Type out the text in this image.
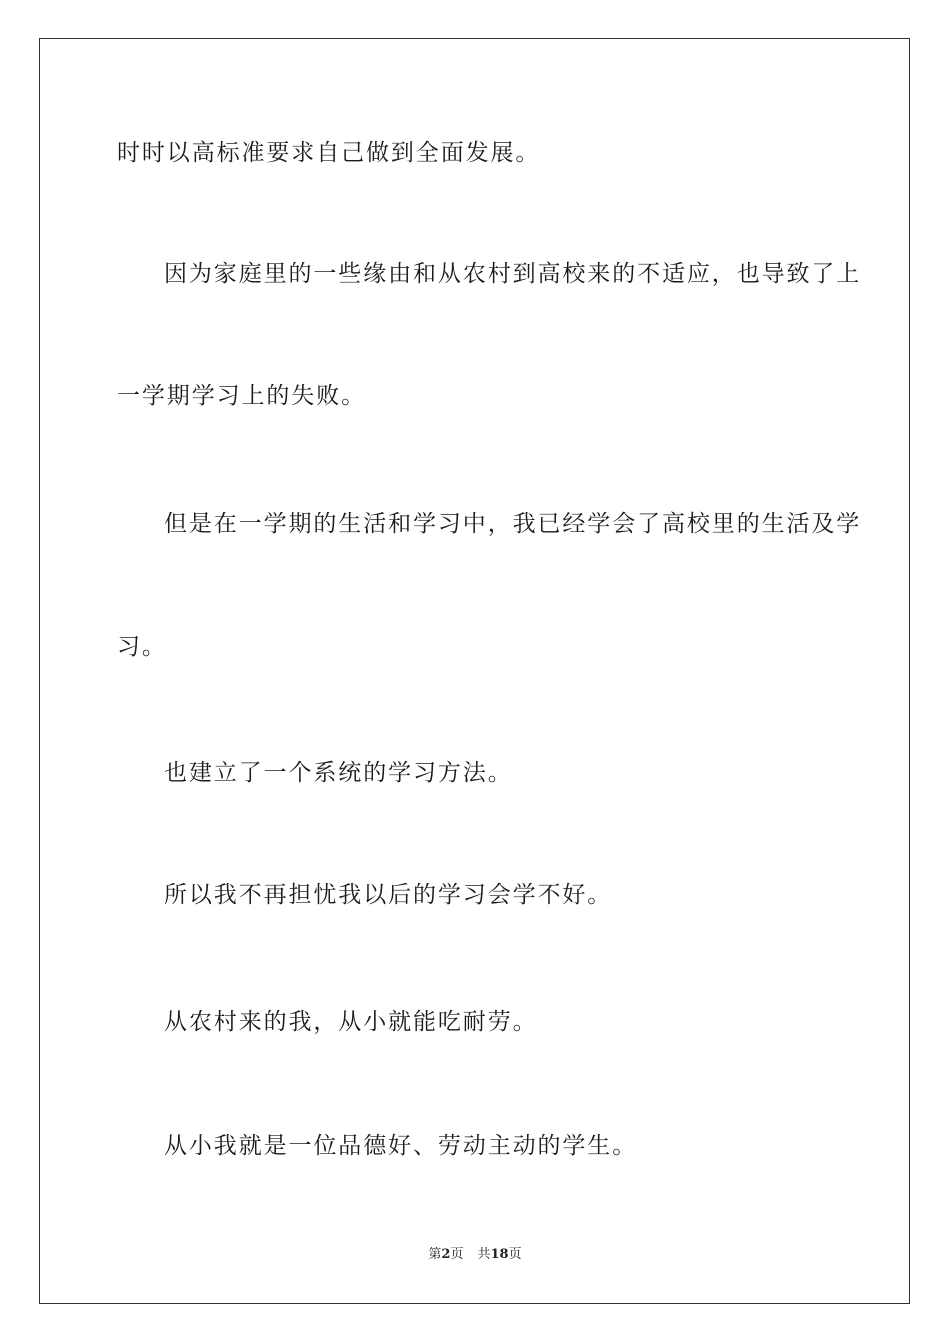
时时以高标准要求自己做到全面发展。
因为家庭里的一些缘由和从农村到高校来的不适应，也导致了上
一学期学习上的失败。
但是在一学期的生活和学习中，我已经学会了高校里的生活及学
习。
也建立了一个系统的学习方法。
所以我不再担忧我以后的学习会学不好。
从农村来的我，从小就能吃耐劳。
从小我就是一位品德好、劳动主动的学生。
第2页 共18页
